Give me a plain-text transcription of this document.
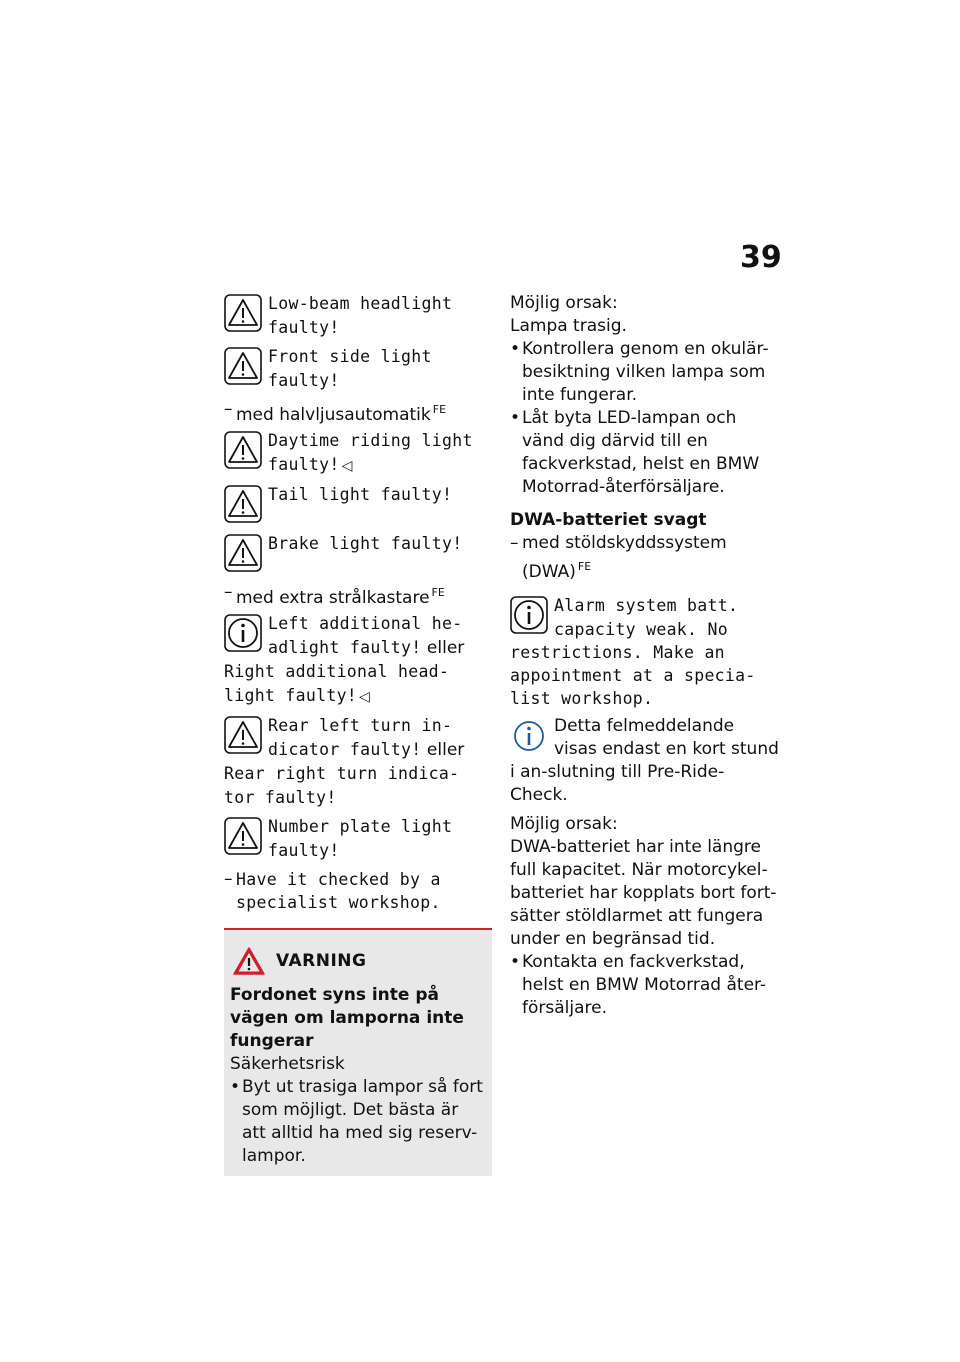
39
Low-beam headlight faulty!
Front side light faulty!
– med halvljusautomatik $^{FE}$
Daytime riding light faulty! ◁
Tail light faulty!
Brake light faulty!
– med extra strålkastare $^{FE}$
Left additional he-
adlight faulty! eller
Right additional head-
light faulty! ◁
Rear left turn in-
dicator faulty! eller
Rear right turn indica-
tor faulty!
Number plate light faulty!
– Have it checked by a
specialist workshop.
VARNING
Fordonet syns inte på vägen om lamporna inte fungerar
Säkerhetsrisk
• Byt ut trasiga lampor så fort som möjligt. Det bästa är att alltid ha med sig reserv-lampor.
Möjlig orsak:
Lampa trasig.
• Kontrollera genom en okulär-besiktning vilken lampa som inte fungerar.
• Låt byta LED-lampan och vänd dig därvid till en fackverkstad, helst en BMW Motorrad-återförsäljare.
DWA-batteriet svagt
– med stöldskyddssystem (DWA) $^{FE}$
Alarm system batt.
capacity weak. No restrictions. Make an appointment at a specia-list workshop.
Detta felmeddelande visas endast en kort stund i an-slutning till Pre-Ride-Check.
Möjlig orsak:
DWA-batteriet har inte längre full kapacitet. När motorcykel-batteriet har kopplats bort fort-sätter stöldlarmet att fungera under en begränsad tid.
• Kontakta en fackverkstad, helst en BMW Motorrad åter-försäljare.
